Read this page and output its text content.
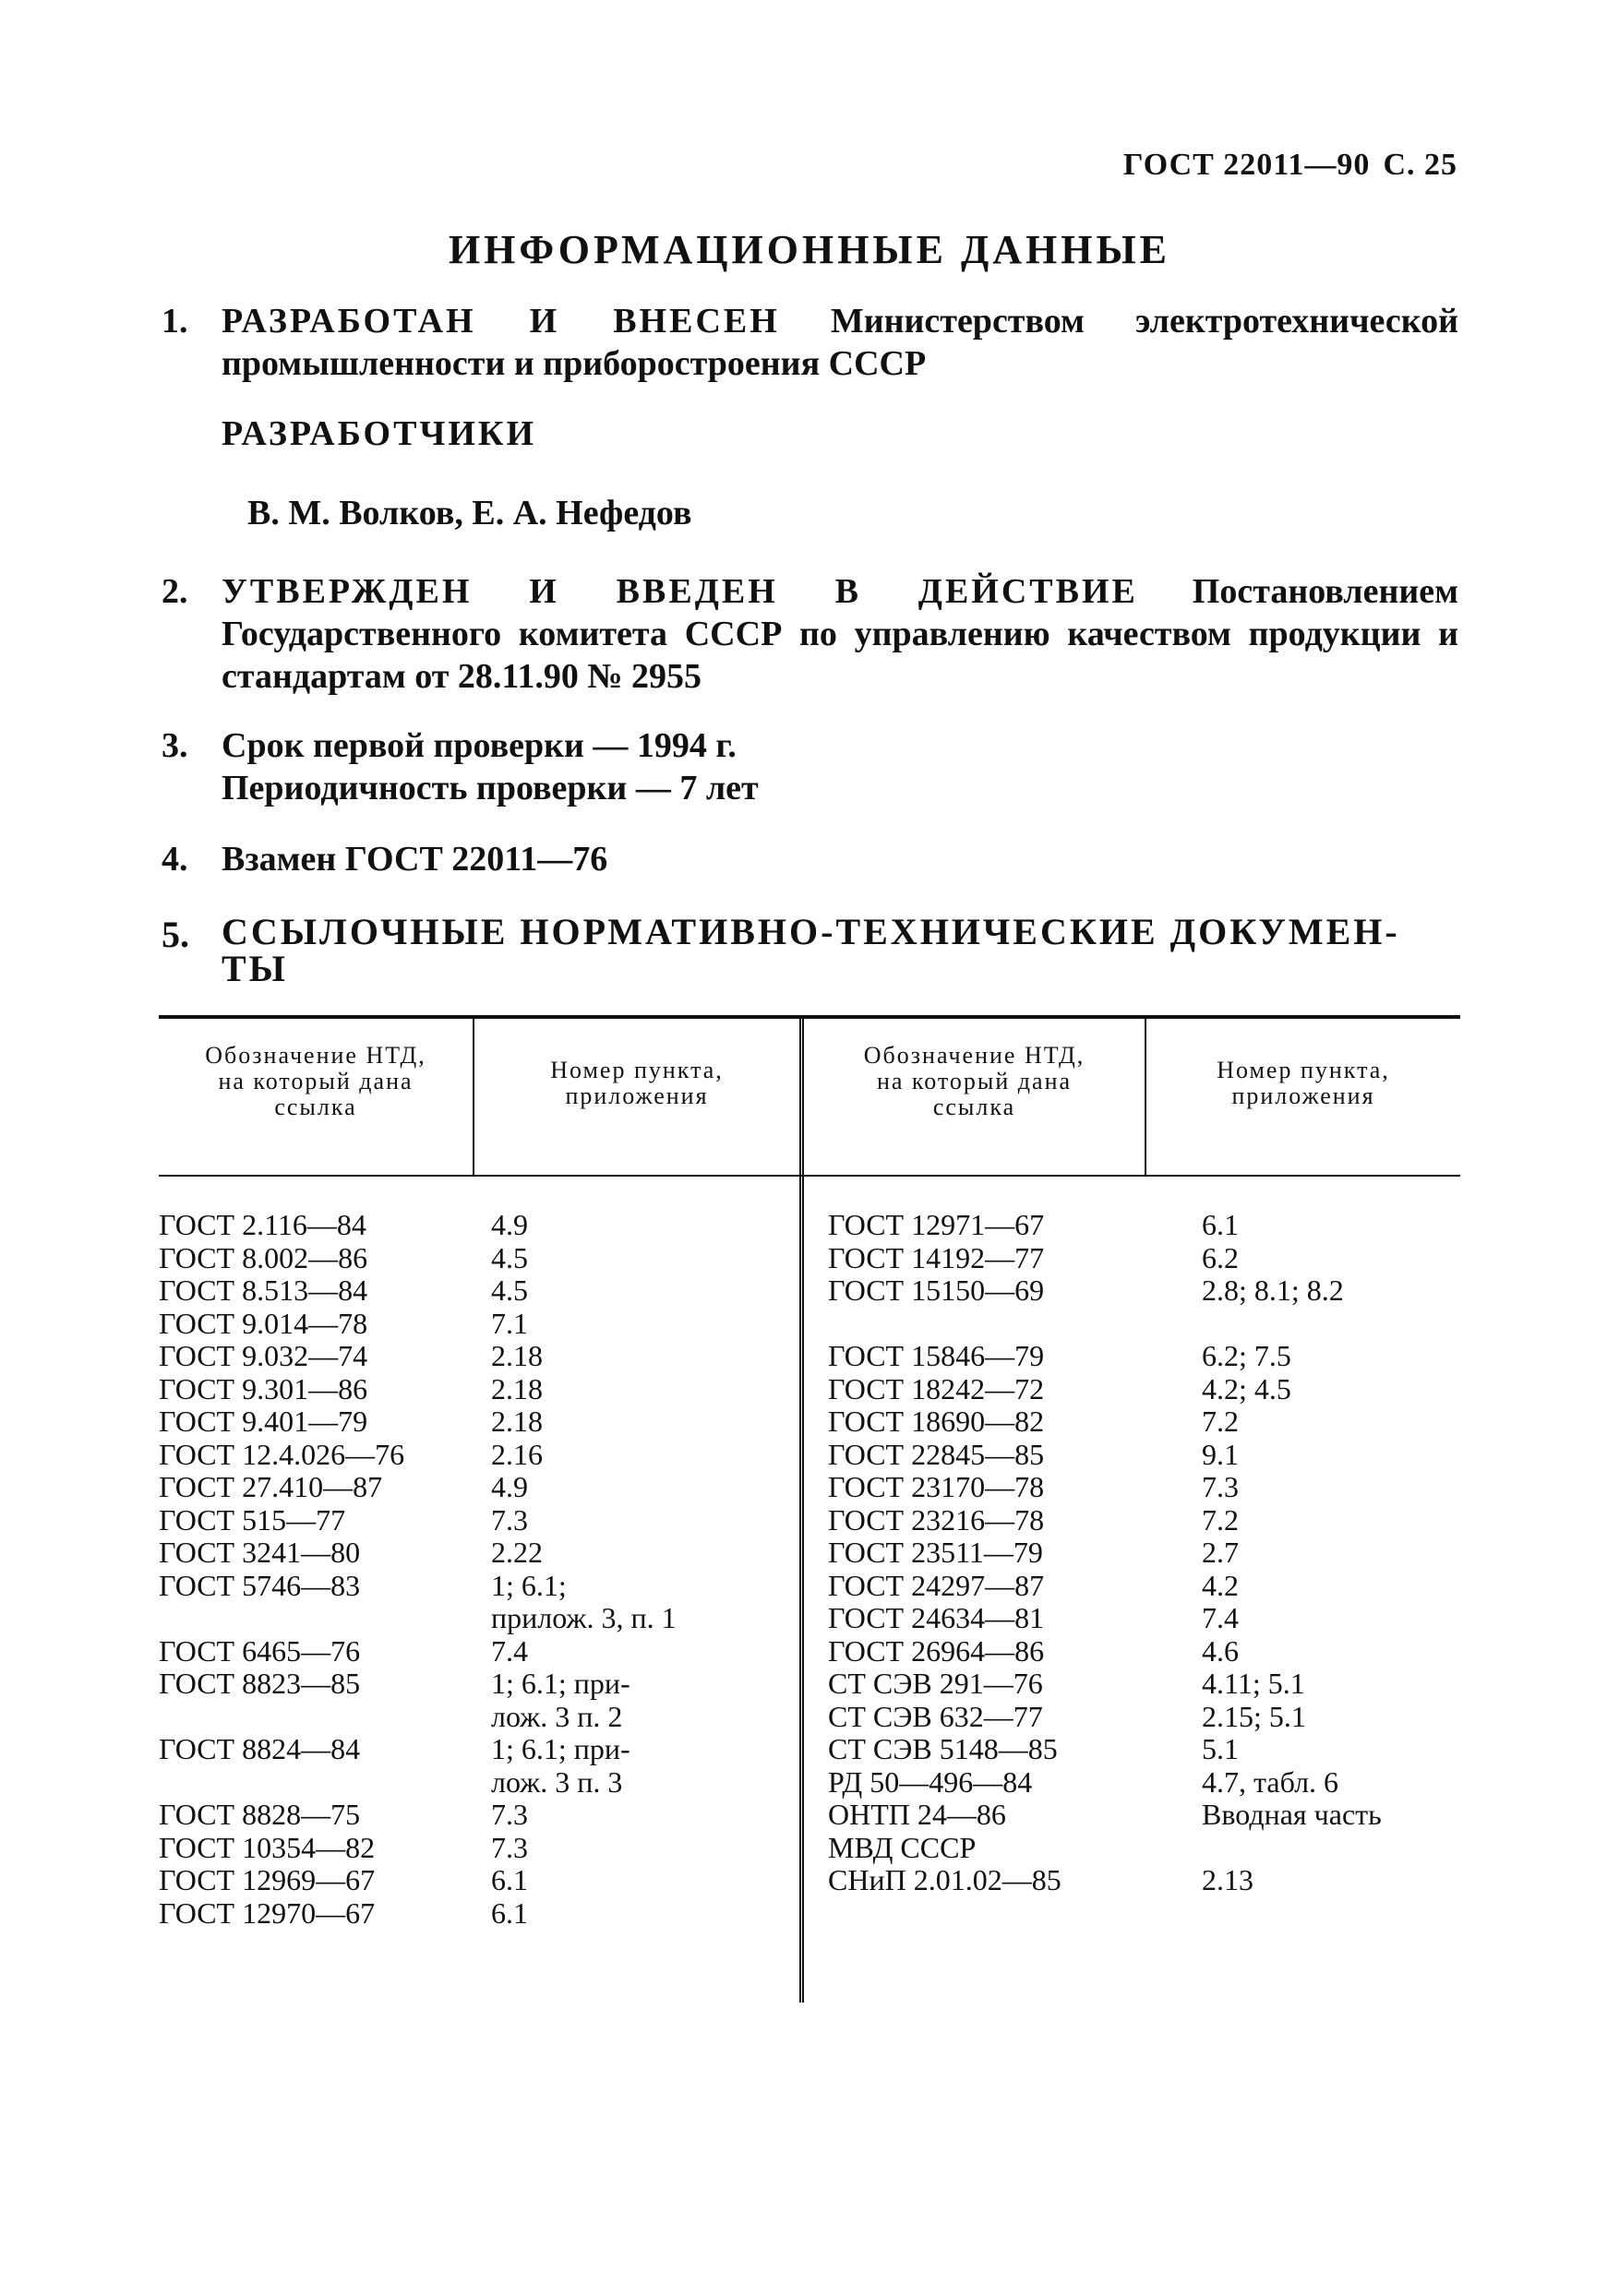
ГОСТ 22011—90 С. 25
ИНФОРМАЦИОННЫЕ ДАННЫЕ
1. РАЗРАБОТАН И ВНЕСЕН Министерством электротехнической промышленности и приборостроения СССР
РАЗРАБОТЧИКИ
В. М. Волков, Е. А. Нефедов
2. УТВЕРЖДЕН И ВВЕДЕН В ДЕЙСТВИЕ Постановлением Государственного комитета СССР по управлению качеством продукции и стандартам от 28.11.90 № 2955
3. Срок первой проверки — 1994 г.
Периодичность проверки — 7 лет
4. Взамен ГОСТ 22011—76
5. ССЫЛОЧНЫЕ НОРМАТИВНО-ТЕХНИЧЕСКИЕ ДОКУМЕН-
ТЫ
Обозначение НТД,
на который дана
ссылка
Номер пункта,
приложения
Обозначение НТД,
на который дана
ссылка
Номер пункта,
приложения
ГОСТ 2.116—84
ГОСТ 8.002—86
ГОСТ 8.513—84
ГОСТ 9.014—78
ГОСТ 9.032—74
ГОСТ 9.301—86
ГОСТ 9.401—79
ГОСТ 12.4.026—76
ГОСТ 27.410—87
ГОСТ 515—77
ГОСТ 3241—80
ГОСТ 5746—83
ГОСТ 6465—76
ГОСТ 8823—85
ГОСТ 8824—84
ГОСТ 8828—75
ГОСТ 10354—82
ГОСТ 12969—67
ГОСТ 12970—67
4.9
4.5
4.5
7.1
2.18
2.18
2.18
2.16
4.9
7.3
2.22
1; 6.1;
прилож. 3, п. 1
7.4
1; 6.1; при-
лож. 3 п. 2
1; 6.1; при-
лож. 3 п. 3
7.3
7.3
6.1
6.1
ГОСТ 12971—67
ГОСТ 14192—77
ГОСТ 15150—69
ГОСТ 15846—79
ГОСТ 18242—72
ГОСТ 18690—82
ГОСТ 22845—85
ГОСТ 23170—78
ГОСТ 23216—78
ГОСТ 23511—79
ГОСТ 24297—87
ГОСТ 24634—81
ГОСТ 26964—86
СТ СЭВ 291—76
СТ СЭВ 632—77
СТ СЭВ 5148—85
РД 50—496—84
ОНТП 24—86
МВД СССР
СНиП 2.01.02—85
6.1
6.2
2.8; 8.1; 8.2
6.2; 7.5
4.2; 4.5
7.2
9.1
7.3
7.2
2.7
4.2
7.4
4.6
4.11; 5.1
2.15; 5.1
5.1
4.7, табл. 6
Вводная часть
2.13
